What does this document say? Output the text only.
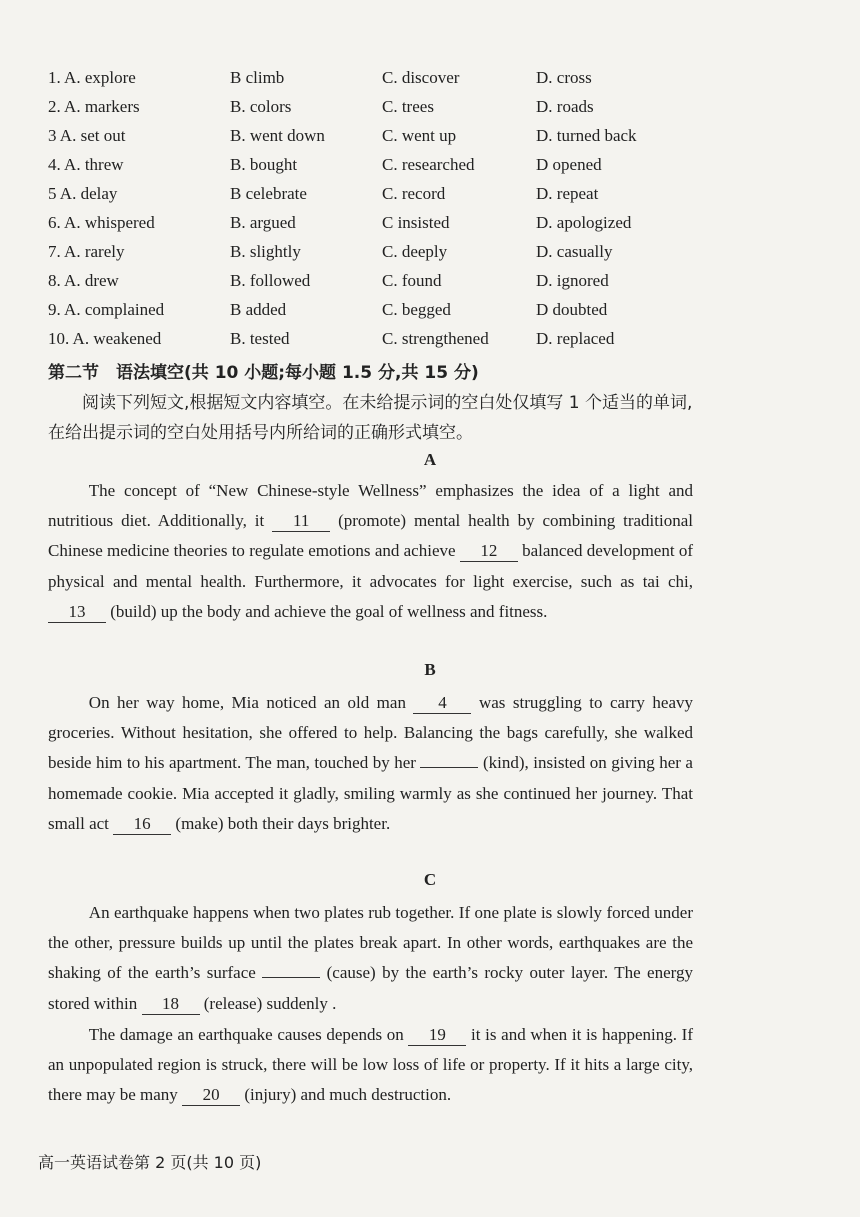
1. A. explore	B climb	C. discover	D. cross
2. A. markers	B. colors	C. trees	D. roads
3 A. set out	B. went down	C. went up	D. turned back
4. A. threw	B. bought	C. researched	D opened
5 A. delay	B celebrate	C. record	D. repeat
6. A. whispered	B. argued	C insisted	D. apologized
7. A. rarely	B. slightly	C. deeply	D. casually
8. A. drew	B. followed	C. found	D. ignored
9. A. complained	B added	C. begged	D doubted
10. A. weakened	B. tested	C. strengthened	D. replaced
第二节　语法填空(共 10 小题;每小题 1.5 分,共 15 分)
阅读下列短文,根据短文内容填空。在未给提示词的空白处仅填写 1 个适当的单词,在给出提示词的空白处用括号内所给词的正确形式填空。
A

The concept of “New Chinese-style Wellness” emphasizes the idea of a light and nutritious diet. Additionally, it 11 (promote) mental health by combining traditional Chinese medicine theories to regulate emotions and achieve 12 balanced development of physical and mental health. Furthermore, it advocates for light exercise, such as tai chi, 13 (build) up the body and achieve the goal of wellness and fitness.

B

On her way home, Mia noticed an old man 4 was struggling to carry heavy groceries. Without hesitation, she offered to help. Balancing the bags carefully, she walked beside him to his apartment. The man, touched by her	(kind), insisted on giving her a homemade cookie. Mia accepted it gladly, smiling warmly as she continued her journey. That small act 16 (make) both their days brighter.

C

An earthquake happens when two plates rub together. If one plate is slowly forced under the other, pressure builds up until the plates break apart. In other words, earthquakes are the shaking of the earth’s surface	(cause) by the earth’s rocky outer layer. The energy stored within 18 (release) suddenly .

The damage an earthquake causes depends on 19 it is and when it is happening. If an unpopulated region is struck, there will be low loss of life or property. If it hits a large city, there may be many 20 (injury) and much destruction.

高一英语试卷第 2 页(共 10 页)
